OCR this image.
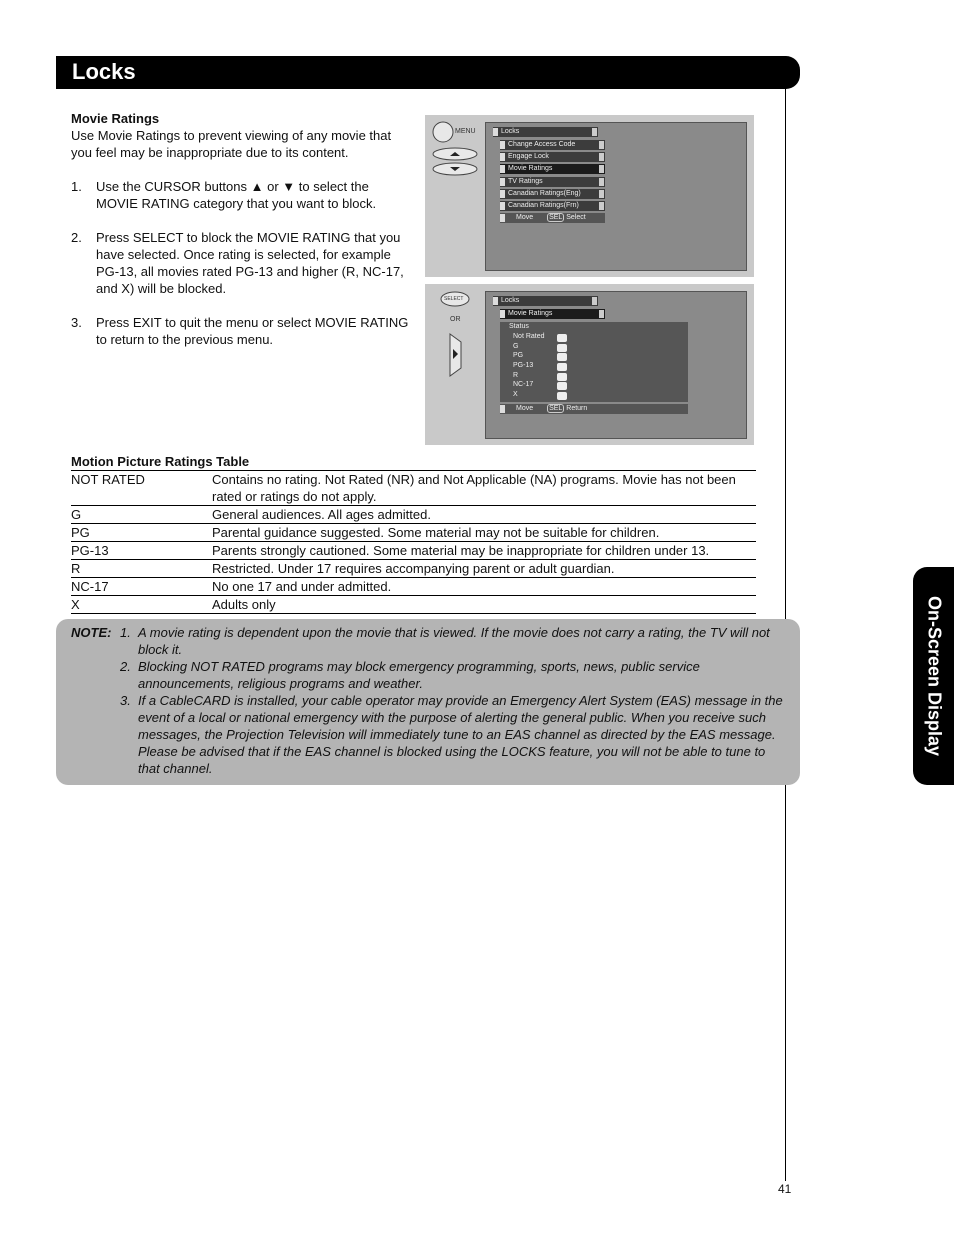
Locks
On-Screen Display
41
Movie Ratings

Use Movie Ratings to prevent viewing of any movie that you feel may be inappropriate due to its content.

1.	Use the CURSOR buttons ▲ or ▼ to select the MOVIE RATING category that you want to block.
2.	Press SELECT to block the MOVIE RATING that you have selected. Once rating is selected, for example PG-13, all movies rated PG-13 and higher (R, NC-17, and X) will be blocked.
3.	Press EXIT to quit the menu or select MOVIE RATING to return to the previous menu.
MENU	Locks
Change Access Code
Engage Lock
Movie Ratings
TV Ratings
Canadian Ratings(Eng)
Canadian Ratings(Frn)
Move SEL Select
SELECT
OR
Locks
Movie Ratings
Status
Not Rated
G
PG
PG-13
R
NC-17
X
Move SEL Return
Motion Picture Ratings Table
NOT RATED	Contains no rating. Not Rated (NR) and Not Applicable (NA) programs. Movie has not been rated or ratings do not apply.
G	General audiences. All ages admitted.
PG	Parental guidance suggested. Some material may not be suitable for children.
PG-13	Parents strongly cautioned. Some material may be inappropriate for children under 13.
R	Restricted. Under 17 requires accompanying parent or adult guardian.
NC-17	No one 17 and under admitted.
X	Adults only
NOTE: 1. A movie rating is dependent upon the movie that is viewed. If the movie does not carry a rating, the TV will not block it.
2. Blocking NOT RATED programs may block emergency programming, sports, news, public service announcements, religious programs and weather.
3. If a CableCARD is installed, your cable operator may provide an Emergency Alert System (EAS) message in the event of a local or national emergency with the purpose of alerting the general public. When you receive such messages, the Projection Television will immediately tune to an EAS channel as directed by the EAS message. Please be advised that if the EAS channel is blocked using the LOCKS feature, you will not be able to tune to that channel.
